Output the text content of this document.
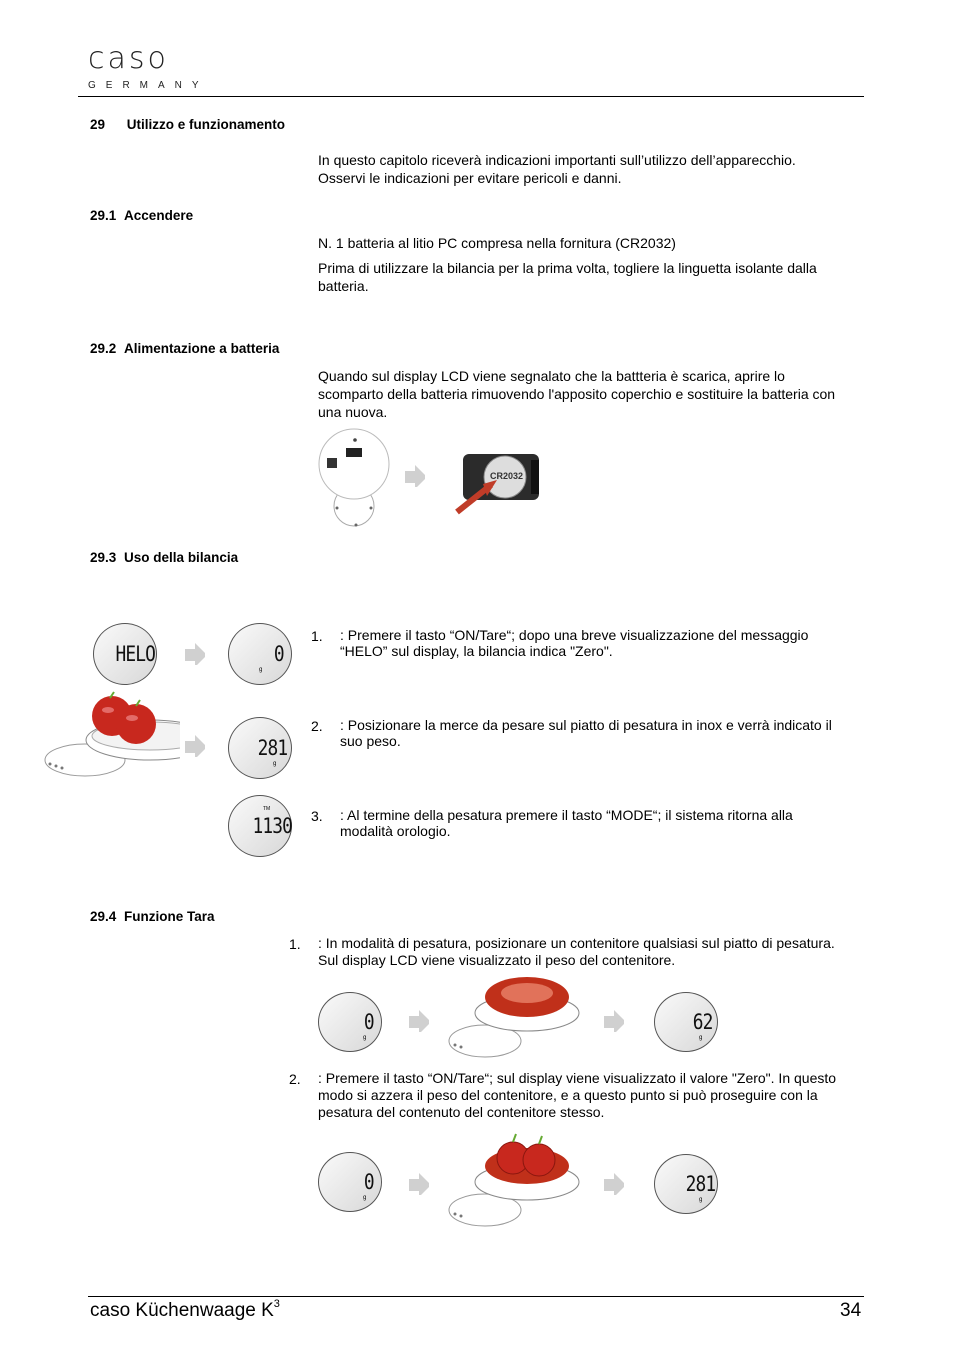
caso
GERMANY
29 Utilizzo e funzionamento
In questo capitolo riceverà indicazioni importanti sull’utilizzo dell’apparecchio.
Osservi le indicazioni per evitare pericoli e danni.
29.1 Accendere
N. 1 batteria al litio PC compresa nella fornitura (CR2032)
Prima di utilizzare la bilancia per la prima volta, togliere la linguetta isolante dalla
batteria.
29.2 Alimentazione a batteria
Quando sul display LCD viene segnalato che la battteria è scarica, aprire lo
scomparto della batteria rimuovendo l'apposito coperchio e sostituire la batteria con
una nuova.
CR2032
29.3 Uso della bilancia
HELO	0
g
281
g
TM
1130
1. : Premere il tasto “ON/Tare“; dopo una breve visualizzazione del messaggio
“HELO” sul display, la bilancia indica "Zero".
2. : Posizionare la merce da pesare sul piatto di pesatura in inox e verrà indicato il
suo peso.
3. : Al termine della pesatura premere il tasto “MODE“; il sistema ritorna alla
modalità orologio.
29.4 Funzione Tara
1. : In modalità di pesatura, posizionare un contenitore qualsiasi sul piatto di pesatura.
Sul display LCD viene visualizzato il peso del contenitore.
0
g
62
g
2. : Premere il tasto “ON/Tare“; sul display viene visualizzato il valore "Zero". In questo
modo si azzera il peso del contenitore, e a questo punto si può proseguire con la
pesatura del contenuto del contenitore stesso.
0
g
281
g
caso Küchenwaage $K^3$	34
